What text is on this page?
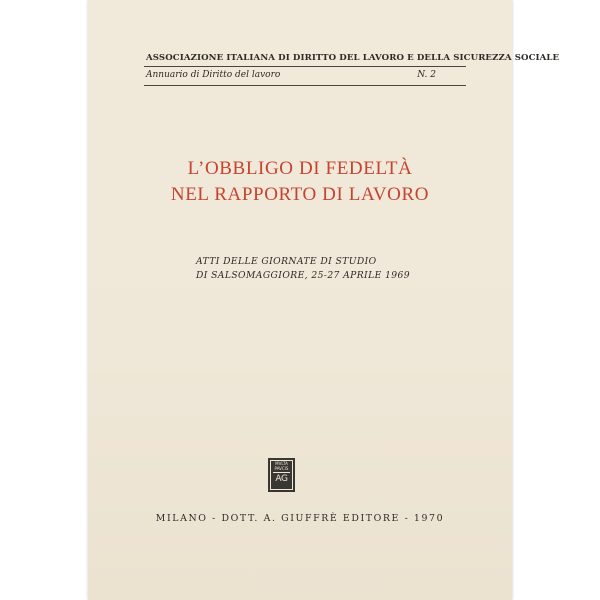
ASSOCIAZIONE ITALIANA DI DIRITTO DEL LAVORO E DELLA SICUREZZA SOCIALE
Annuario di Diritto del lavoro	N. 2
L’OBBLIGO DI FEDELTÀ
NEL RAPPORTO DI LAVORO
ATTI DELLE GIORNATE DI STUDIO
DI SALSOMAGGIORE, 25-27 APRILE 1969
MVLTA PAVCIS
AG
MILANO - DOTT. A. GIUFFRÈ EDITORE - 1970
